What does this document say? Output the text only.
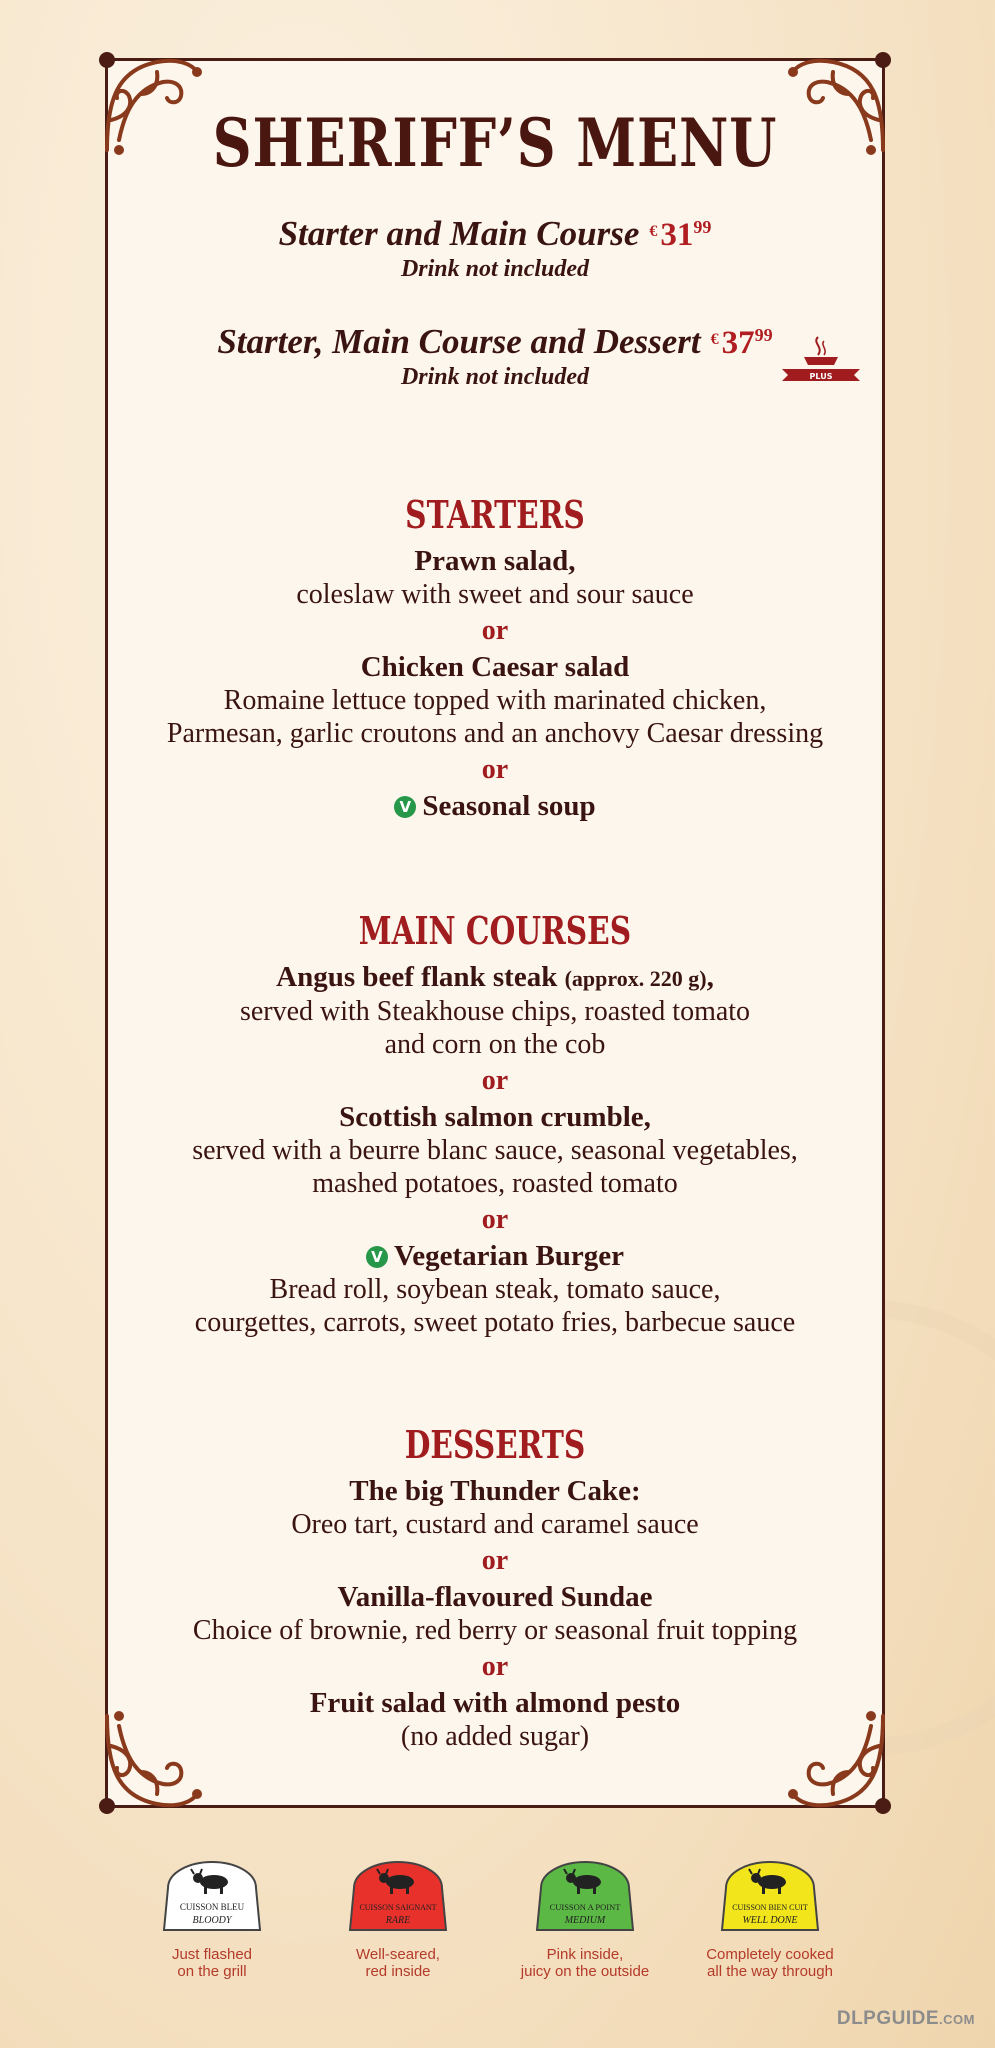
SHERIFF’S MENU
Starter and Main Course $^€31^{99}$
Drink not included
Starter, Main Course and Dessert $^€37^{99}$
Drink not included
STARTERS
Prawn salad,
coleslaw with sweet and sour sauce
or
Chicken Caesar salad
Romaine lettuce topped with marinated chicken,
Parmesan, garlic croutons and an anchovy Caesar dressing
or
V Seasonal soup
MAIN COURSES
Angus beef flank steak (approx. 220 g),
served with Steakhouse chips, roasted tomato
and corn on the cob
or
Scottish salmon crumble,
served with a beurre blanc sauce, seasonal vegetables,
mashed potatoes, roasted tomato
or
V Vegetarian Burger
Bread roll, soybean steak, tomato sauce,
courgettes, carrots, sweet potato fries, barbecue sauce
DESSERTS
The big Thunder Cake:
Oreo tart, custard and caramel sauce
or
Vanilla-flavoured Sundae
Choice of brownie, red berry or seasonal fruit topping
or
Fruit salad with almond pesto
(no added sugar)
PLUS
CUISSON BLEU
BLOODY
Just flashed
on the grill
CUISSON SAIGNANT
RARE
Well-seared,
red inside
CUISSON A POINT
MEDIUM
Pink inside,
juicy on the outside
CUISSON BIEN CUIT
WELL DONE
Completely cooked
all the way through
DLPGUIDE.COM
